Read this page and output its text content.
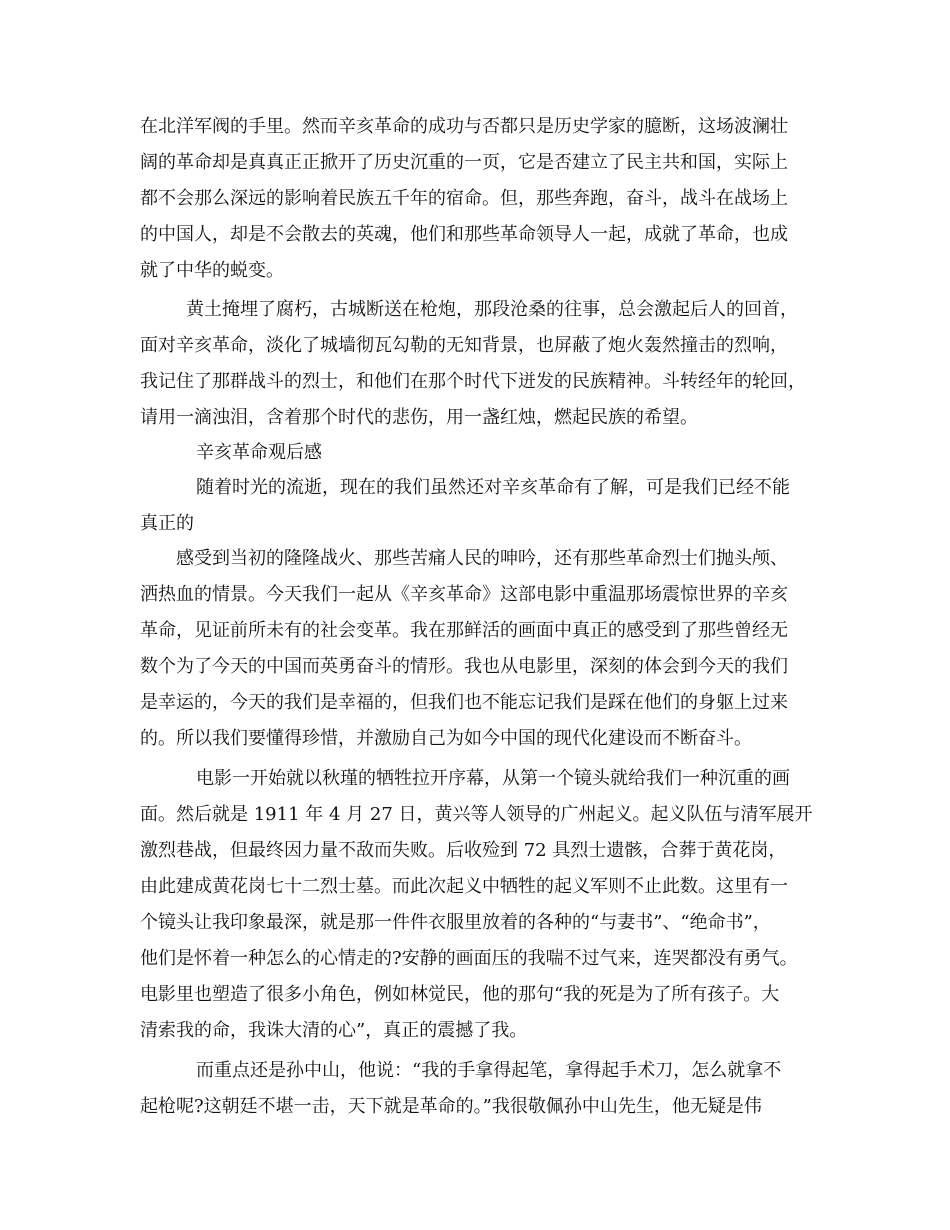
在北洋军阀的手里。然而辛亥革命的成功与否都只是历史学家的臆断，这场波澜壮
阔的革命却是真真正正掀开了历史沉重的一页，它是否建立了民主共和国，实际上
都不会那么深远的影响着民族五千年的宿命。但，那些奔跑，奋斗，战斗在战场上
的中国人，却是不会散去的英魂，他们和那些革命领导人一起，成就了革命，也成
就了中华的蜕变。
黄土掩埋了腐朽，古城断送在枪炮，那段沧桑的往事，总会激起后人的回首，
面对辛亥革命，淡化了城墙彻瓦勾勒的无知背景，也屏蔽了炮火轰然撞击的烈响，
我记住了那群战斗的烈士，和他们在那个时代下迸发的民族精神。斗转经年的轮回，
请用一滴浊泪，含着那个时代的悲伤，用一盏红烛，燃起民族的希望。
辛亥革命观后感
随着时光的流逝，现在的我们虽然还对辛亥革命有了解，可是我们已经不能
真正的
感受到当初的隆隆战火、那些苦痛人民的呻吟，还有那些革命烈士们抛头颅、
洒热血的情景。今天我们一起从《辛亥革命》这部电影中重温那场震惊世界的辛亥
革命，见证前所未有的社会变革。我在那鲜活的画面中真正的感受到了那些曾经无
数个为了今天的中国而英勇奋斗的情形。我也从电影里，深刻的体会到今天的我们
是幸运的，今天的我们是幸福的，但我们也不能忘记我们是踩在他们的身躯上过来
的。所以我们要懂得珍惜，并激励自己为如今中国的现代化建设而不断奋斗。
电影一开始就以秋瑾的牺牲拉开序幕，从第一个镜头就给我们一种沉重的画
面。然后就是 1911 年 4 月 27 日，黄兴等人领导的广州起义。起义队伍与清军展开
激烈巷战，但最终因力量不敌而失败。后收殓到 72 具烈士遗骸，合葬于黄花岗，
由此建成黄花岗七十二烈士墓。而此次起义中牺牲的起义军则不止此数。这里有一
个镜头让我印象最深，就是那一件件衣服里放着的各种的“与妻书”、“绝命书”，
他们是怀着一种怎么的心情走的?安静的画面压的我喘不过气来，连哭都没有勇气。
电影里也塑造了很多小角色，例如林觉民，他的那句“我的死是为了所有孩子。大
清索我的命，我诛大清的心”，真正的震撼了我。
而重点还是孙中山，他说：“我的手拿得起笔，拿得起手术刀，怎么就拿不
起枪呢?这朝廷不堪一击，天下就是革命的。”我很敬佩孙中山先生，他无疑是伟
